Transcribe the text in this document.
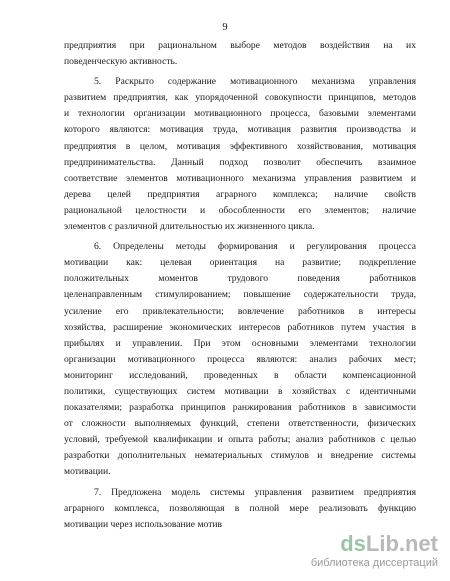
9

предприятия при рациональном выборе методов воздействия на их
поведенческую активность.

5. Раскрыто содержание мотивационного механизма управления
развитием предприятия, как упорядоченной совокупности принципов, методов
и технологии организации мотивационного процесса, базовыми элементами
которого являются: мотивация труда, мотивация развития производства и
предприятия в целом, мотивация эффективного хозяйствования, мотивация
предпринимательства. Данный подход позволит обеспечить взаимное
соответствие элементов мотивационного механизма управления развитием и
дерева целей предприятия аграрного комплекса; наличие свойств
рациональной целостности и обособленности его элементов; наличие
элементов с различной длительностью их жизненного цикла.

6. Определены методы формирования и регулирования процесса
мотивации как: целевая ориентация на развитие; подкрепление
положительных моментов трудового поведения работников
целенаправленным стимулированием; повышение содержательности труда,
усиление его привлекательности; вовлечение работников в интересы
хозяйства, расширение экономических интересов работников путем участия в
прибылях и управлении. При этом основными элементами технологии
организации мотивационного процесса являются: анализ рабочих мест;
мониторинг исследований, проведенных в области компенсационной
политики, существующих систем мотивации в хозяйствах с идентичными
показателями; разработка принципов ранжирования работников в зависимости
от сложности выполняемых функций, степени ответственности, физических
условий, требуемой квалификации и опыта работы; анализ работников с целью
разработки дополнительных нематериальных стимулов и внедрение системы
мотивации.

7. Предложена модель системы управления развитием предприятия
аграрного комплекса, позволяющая в полной мере реализовать функцию
мотивации через использование мотив

dsLib.net
библиотека диссертаций
